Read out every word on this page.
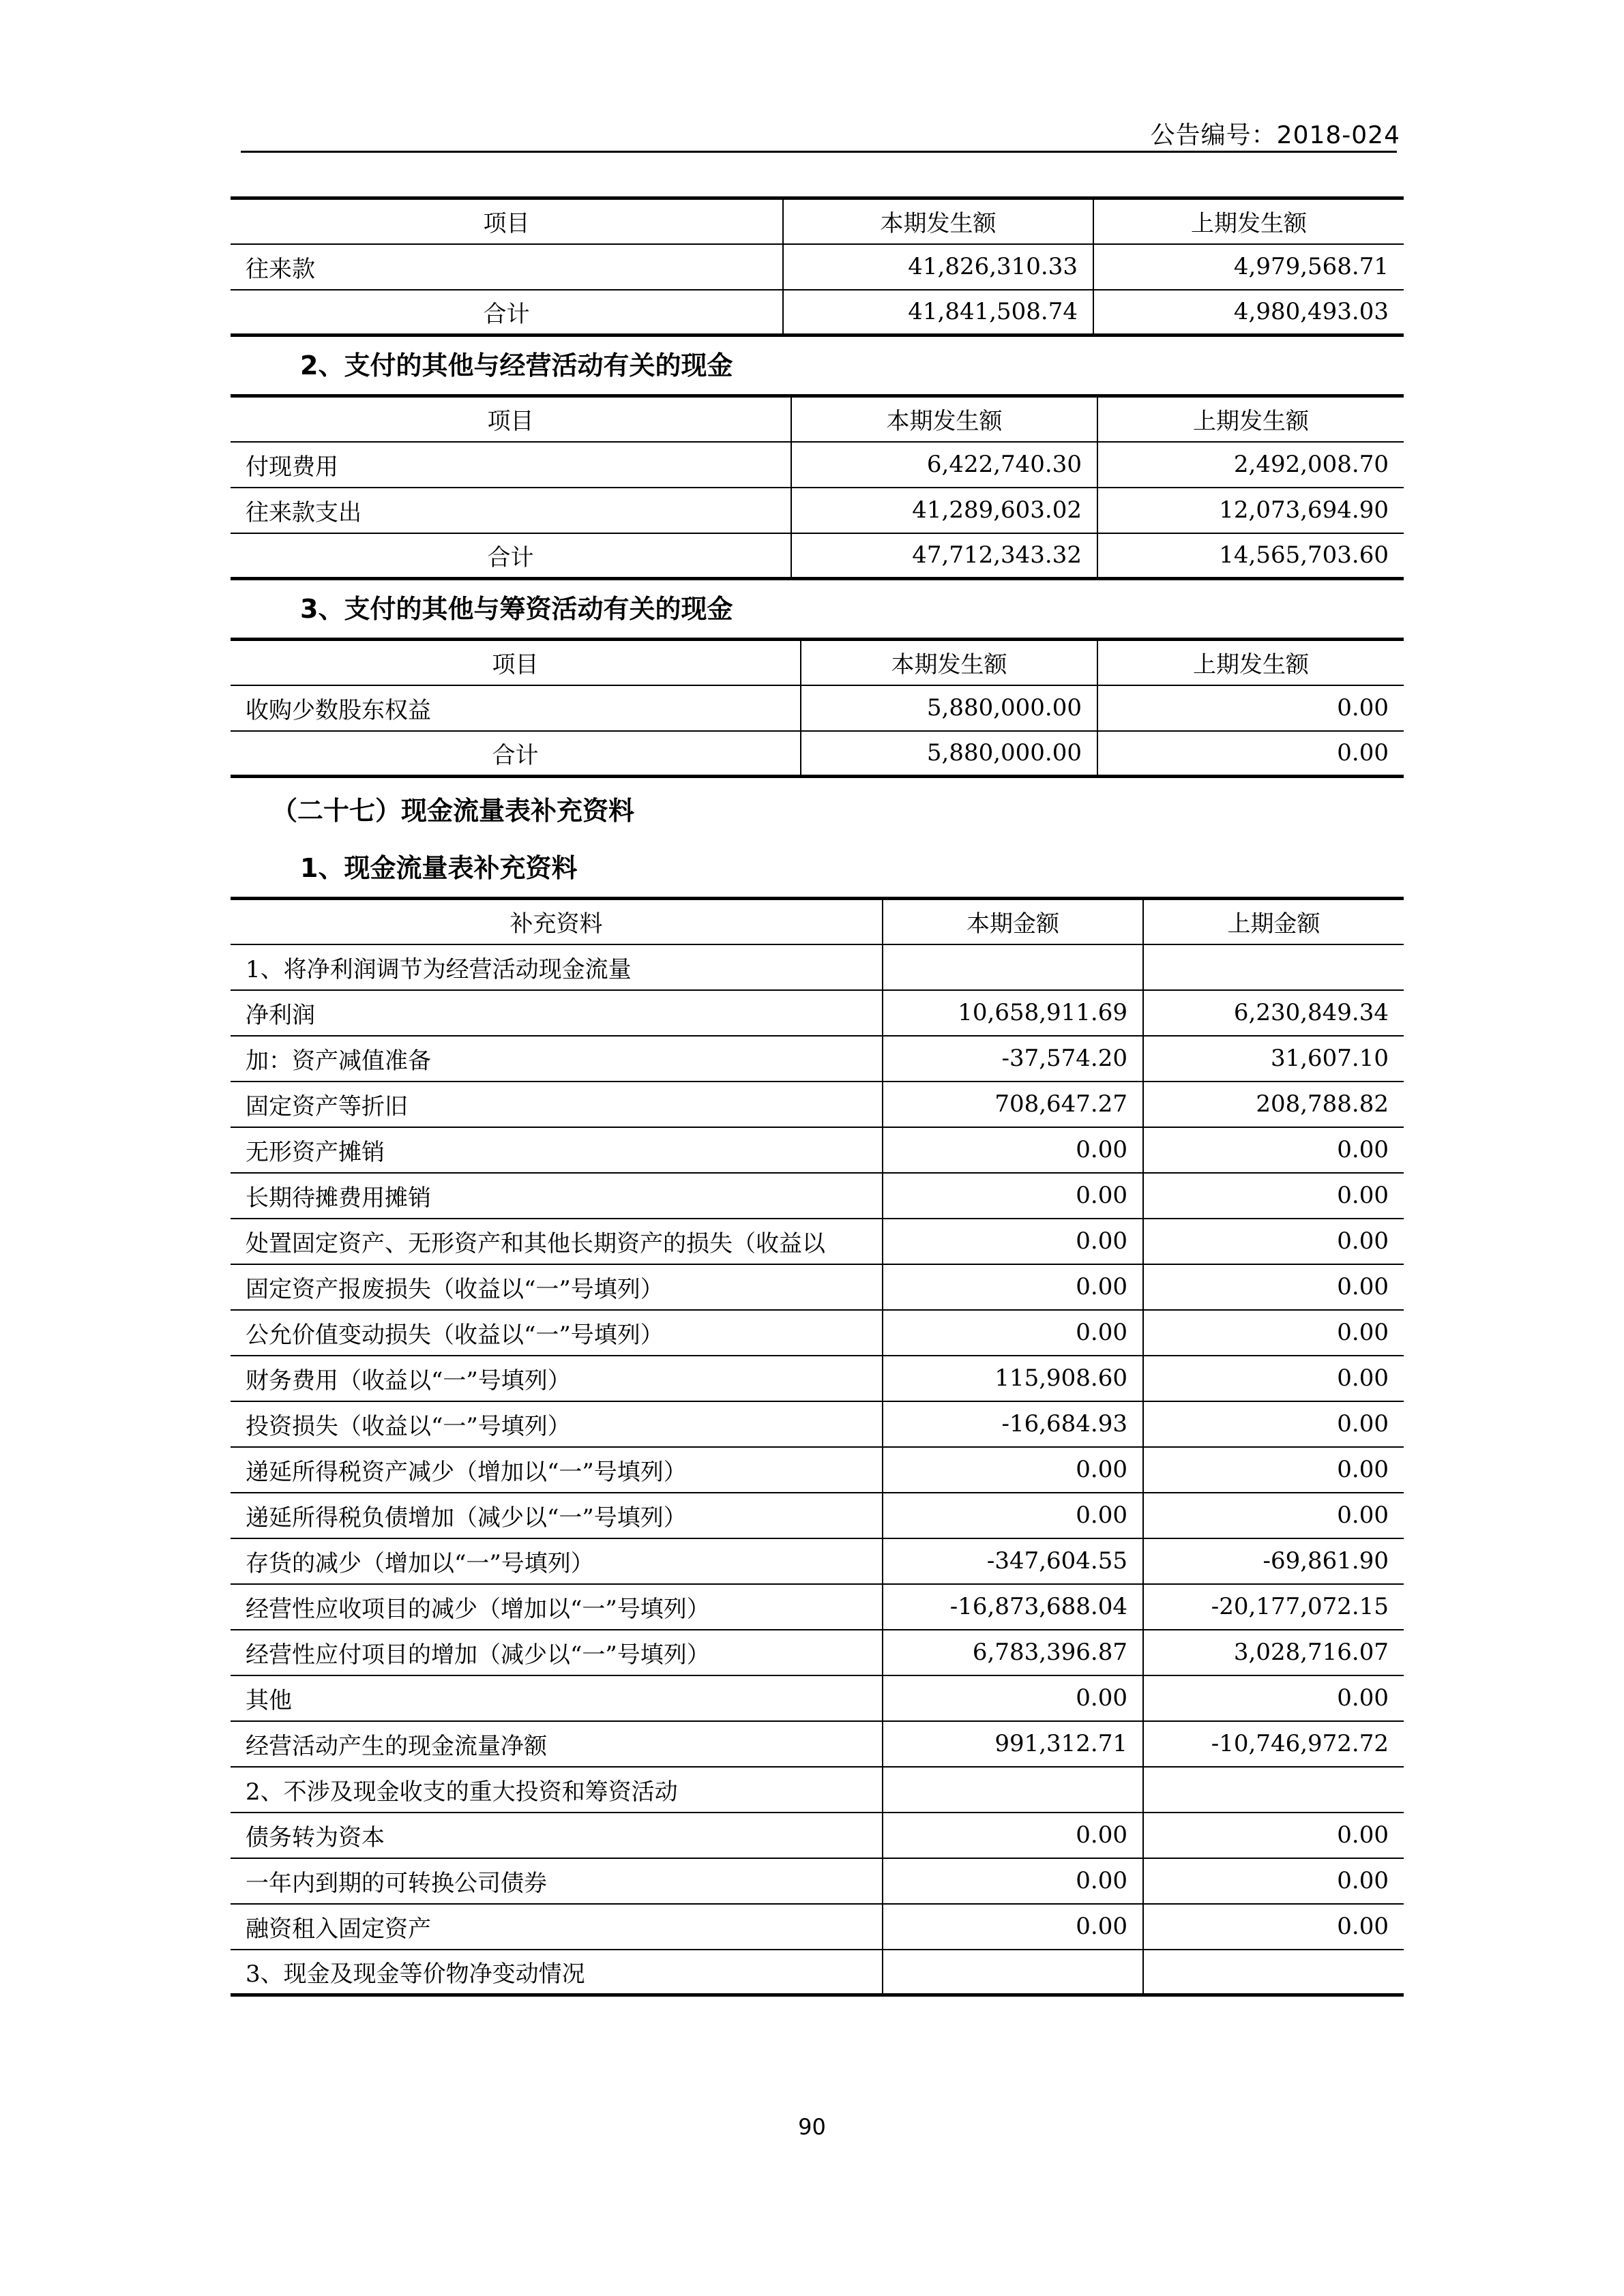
公告编号：2018-024
项目	本期发生额	上期发生额
往来款	41,826,310.33	4,979,568.71
合计	41,841,508.74	4,980,493.03
2、支付的其他与经营活动有关的现金
项目	本期发生额	上期发生额
付现费用	6,422,740.30	2,492,008.70
往来款支出	41,289,603.02	12,073,694.90
合计	47,712,343.32	14,565,703.60
3、支付的其他与筹资活动有关的现金
项目	本期发生额	上期发生额
收购少数股东权益	5,880,000.00	0.00
合计	5,880,000.00	0.00
（二十七）现金流量表补充资料
1、现金流量表补充资料
补充资料	本期金额	上期金额
1、将净利润调节为经营活动现金流量		
净利润	10,658,911.69	6,230,849.34
加：资产减值准备	-37,574.20	31,607.10
固定资产等折旧	708,647.27	208,788.82
无形资产摊销	0.00	0.00
长期待摊费用摊销	0.00	0.00
处置固定资产、无形资产和其他长期资产的损失（收益以	0.00	0.00
固定资产报废损失（收益以“一”号填列）	0.00	0.00
公允价值变动损失（收益以“一”号填列）	0.00	0.00
财务费用（收益以“一”号填列）	115,908.60	0.00
投资损失（收益以“一”号填列）	-16,684.93	0.00
递延所得税资产减少（增加以“一”号填列）	0.00	0.00
递延所得税负债增加（减少以“一”号填列）	0.00	0.00
存货的减少（增加以“一”号填列）	-347,604.55	-69,861.90
经营性应收项目的减少（增加以“一”号填列）	-16,873,688.04	-20,177,072.15
经营性应付项目的增加（减少以“一”号填列）	6,783,396.87	3,028,716.07
其他	0.00	0.00
经营活动产生的现金流量净额	991,312.71	-10,746,972.72
2、不涉及现金收支的重大投资和筹资活动		
债务转为资本	0.00	0.00
一年内到期的可转换公司债券	0.00	0.00
融资租入固定资产	0.00	0.00
3、现金及现金等价物净变动情况		
90
